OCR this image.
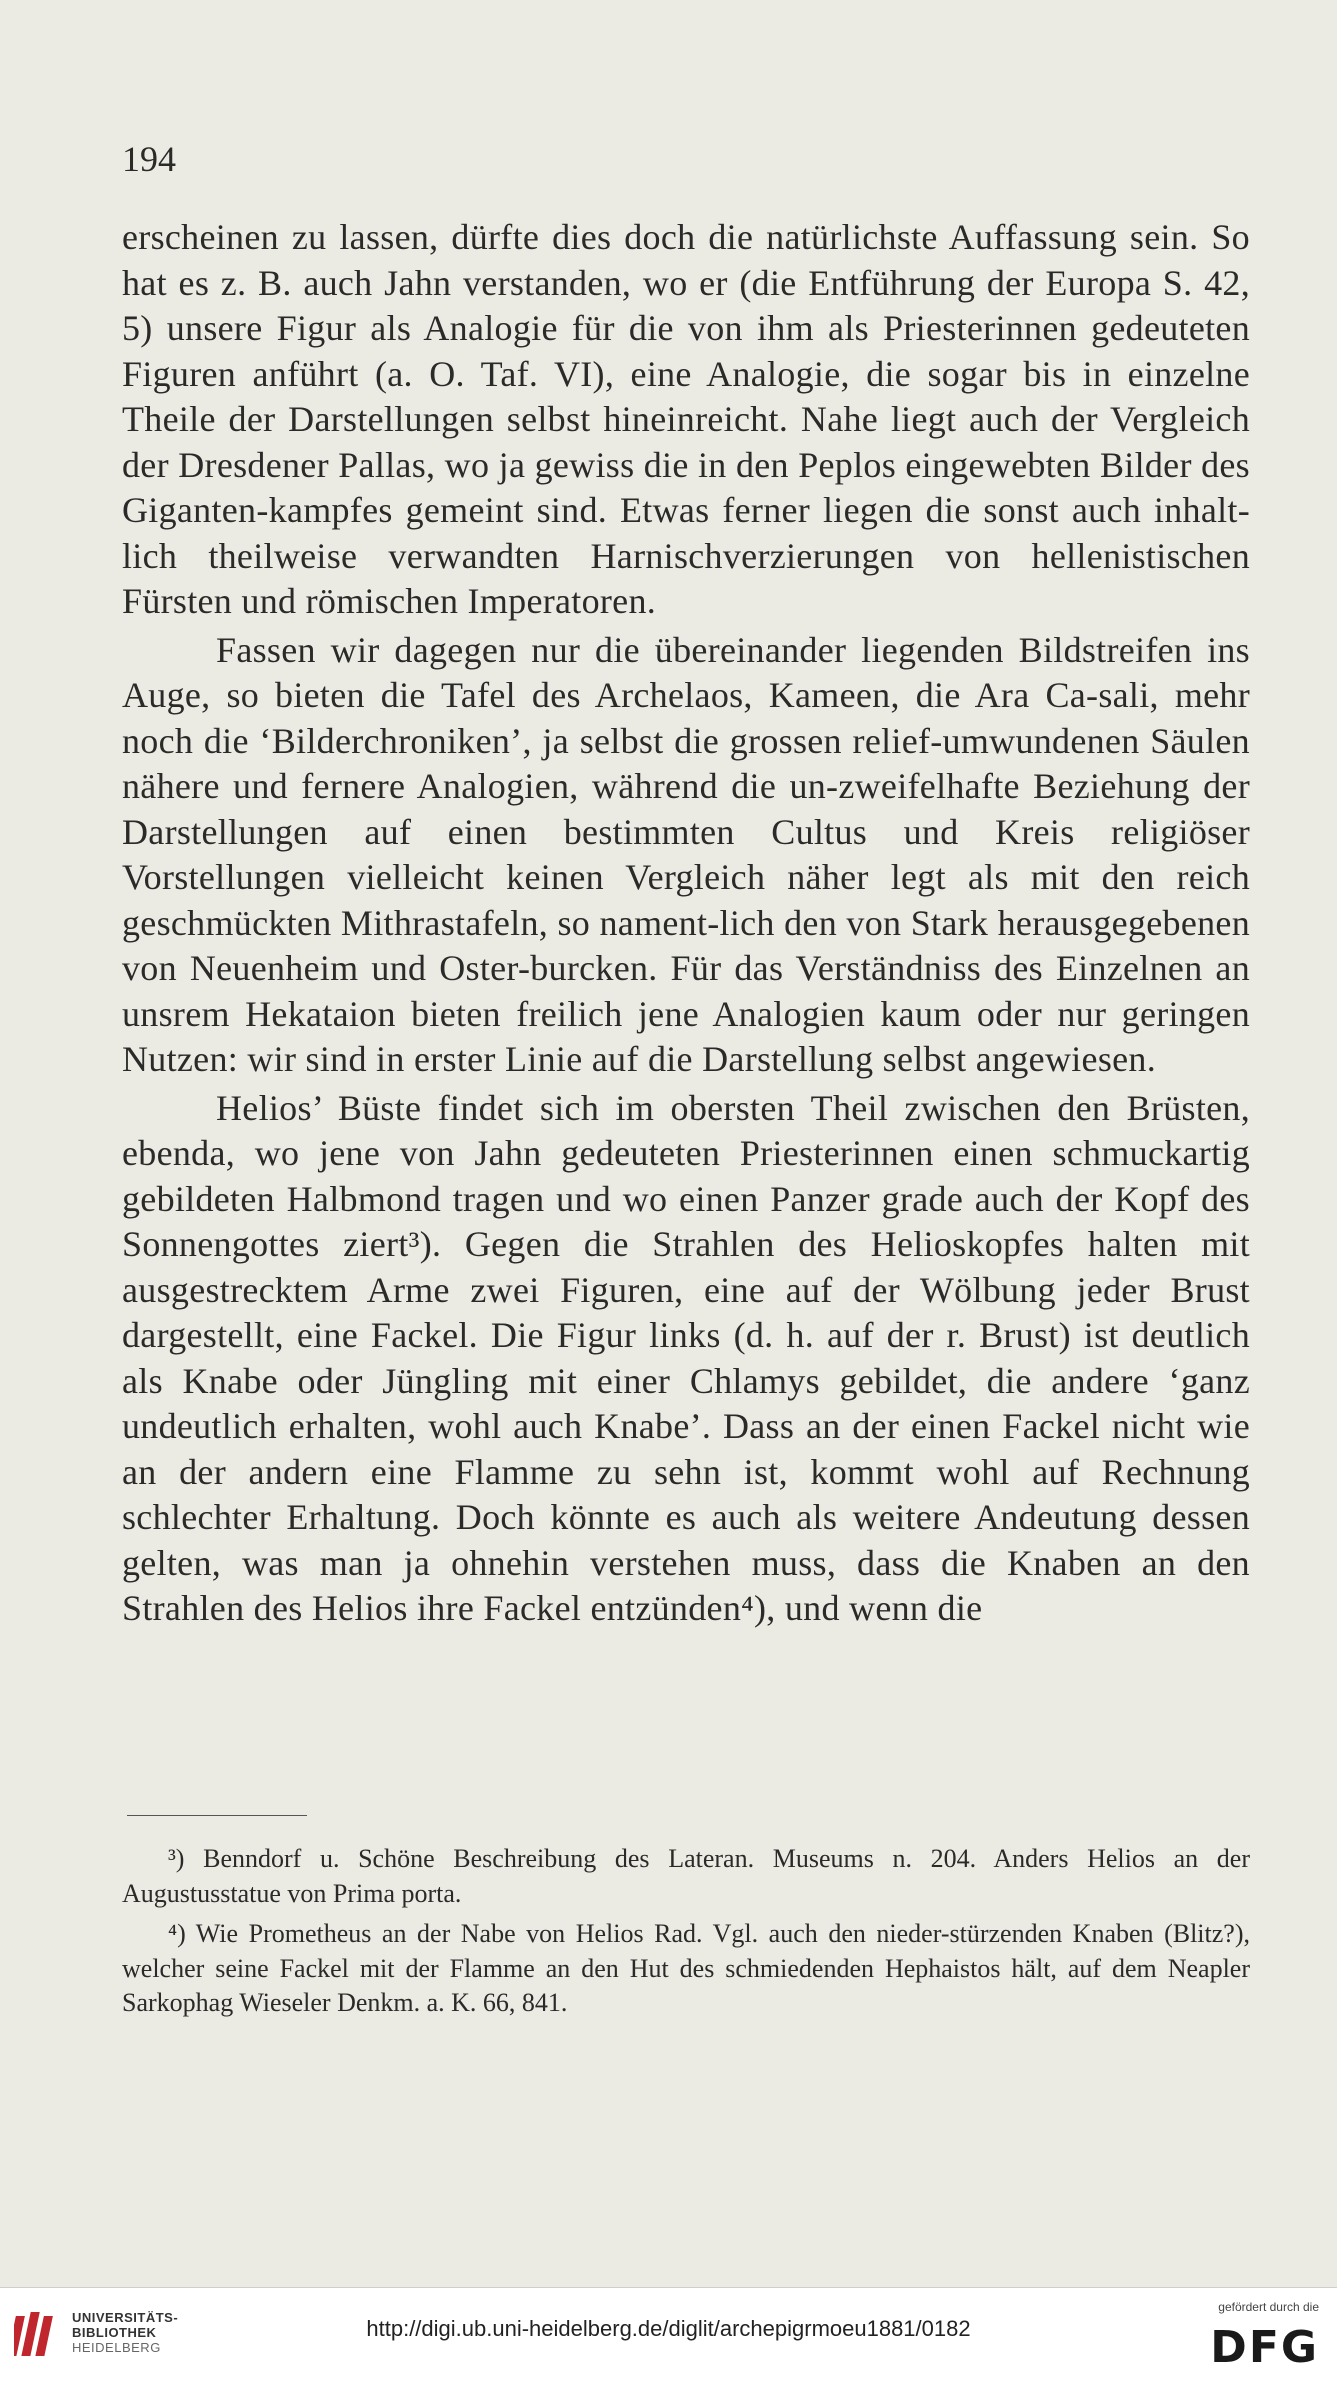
194

erscheinen zu lassen, dürfte dies doch die natürlichste Auffassung sein. So hat es z. B. auch Jahn verstanden, wo er (die Entführung der Europa S. 42, 5) unsere Figur als Analogie für die von ihm als Priesterinnen gedeuteten Figuren anführt (a. O. Taf. VI), eine Analogie, die sogar bis in einzelne Theile der Darstellungen selbst hineinreicht. Nahe liegt auch der Vergleich der Dresdener Pallas, wo ja gewiss die in den Peplos eingewebten Bilder des Giganten-kampfes gemeint sind. Etwas ferner liegen die sonst auch inhalt-lich theilweise verwandten Harnischverzierungen von hellenistischen Fürsten und römischen Imperatoren.

Fassen wir dagegen nur die übereinander liegenden Bildstreifen ins Auge, so bieten die Tafel des Archelaos, Kameen, die Ara Ca-sali, mehr noch die ‘Bilderchroniken’, ja selbst die grossen relief-umwundenen Säulen nähere und fernere Analogien, während die un-zweifelhafte Beziehung der Darstellungen auf einen bestimmten Cultus und Kreis religiöser Vorstellungen vielleicht keinen Vergleich näher legt als mit den reich geschmückten Mithrastafeln, so nament-lich den von Stark herausgegebenen von Neuenheim und Oster-burcken. Für das Verständniss des Einzelnen an unsrem Hekataion bieten freilich jene Analogien kaum oder nur geringen Nutzen: wir sind in erster Linie auf die Darstellung selbst angewiesen.

Helios’ Büste findet sich im obersten Theil zwischen den Brüsten, ebenda, wo jene von Jahn gedeuteten Priesterinnen einen schmuckartig gebildeten Halbmond tragen und wo einen Panzer grade auch der Kopf des Sonnengottes ziert³). Gegen die Strahlen des Helioskopfes halten mit ausgestrecktem Arme zwei Figuren, eine auf der Wölbung jeder Brust dargestellt, eine Fackel. Die Figur links (d. h. auf der r. Brust) ist deutlich als Knabe oder Jüngling mit einer Chlamys gebildet, die andere ‘ganz undeutlich erhalten, wohl auch Knabe’. Dass an der einen Fackel nicht wie an der andern eine Flamme zu sehn ist, kommt wohl auf Rechnung schlechter Erhaltung. Doch könnte es auch als weitere Andeutung dessen gelten, was man ja ohnehin verstehen muss, dass die Knaben an den Strahlen des Helios ihre Fackel entzünden⁴), und wenn die

³) Benndorf u. Schöne Beschreibung des Lateran. Museums n. 204. Anders Helios an der Augustusstatue von Prima porta.

⁴) Wie Prometheus an der Nabe von Helios Rad. Vgl. auch den nieder-stürzenden Knaben (Blitz?), welcher seine Fackel mit der Flamme an den Hut des schmiedenden Hephaistos hält, auf dem Neapler Sarkophag Wieseler Denkm. a. K. 66, 841.

UNIVERSITÄTS-
BIBLIOTHEK
HEIDELBERG
http://digi.ub.uni-heidelberg.de/diglit/archepigrmoeu1881/0182
gefördert durch die
DFG
